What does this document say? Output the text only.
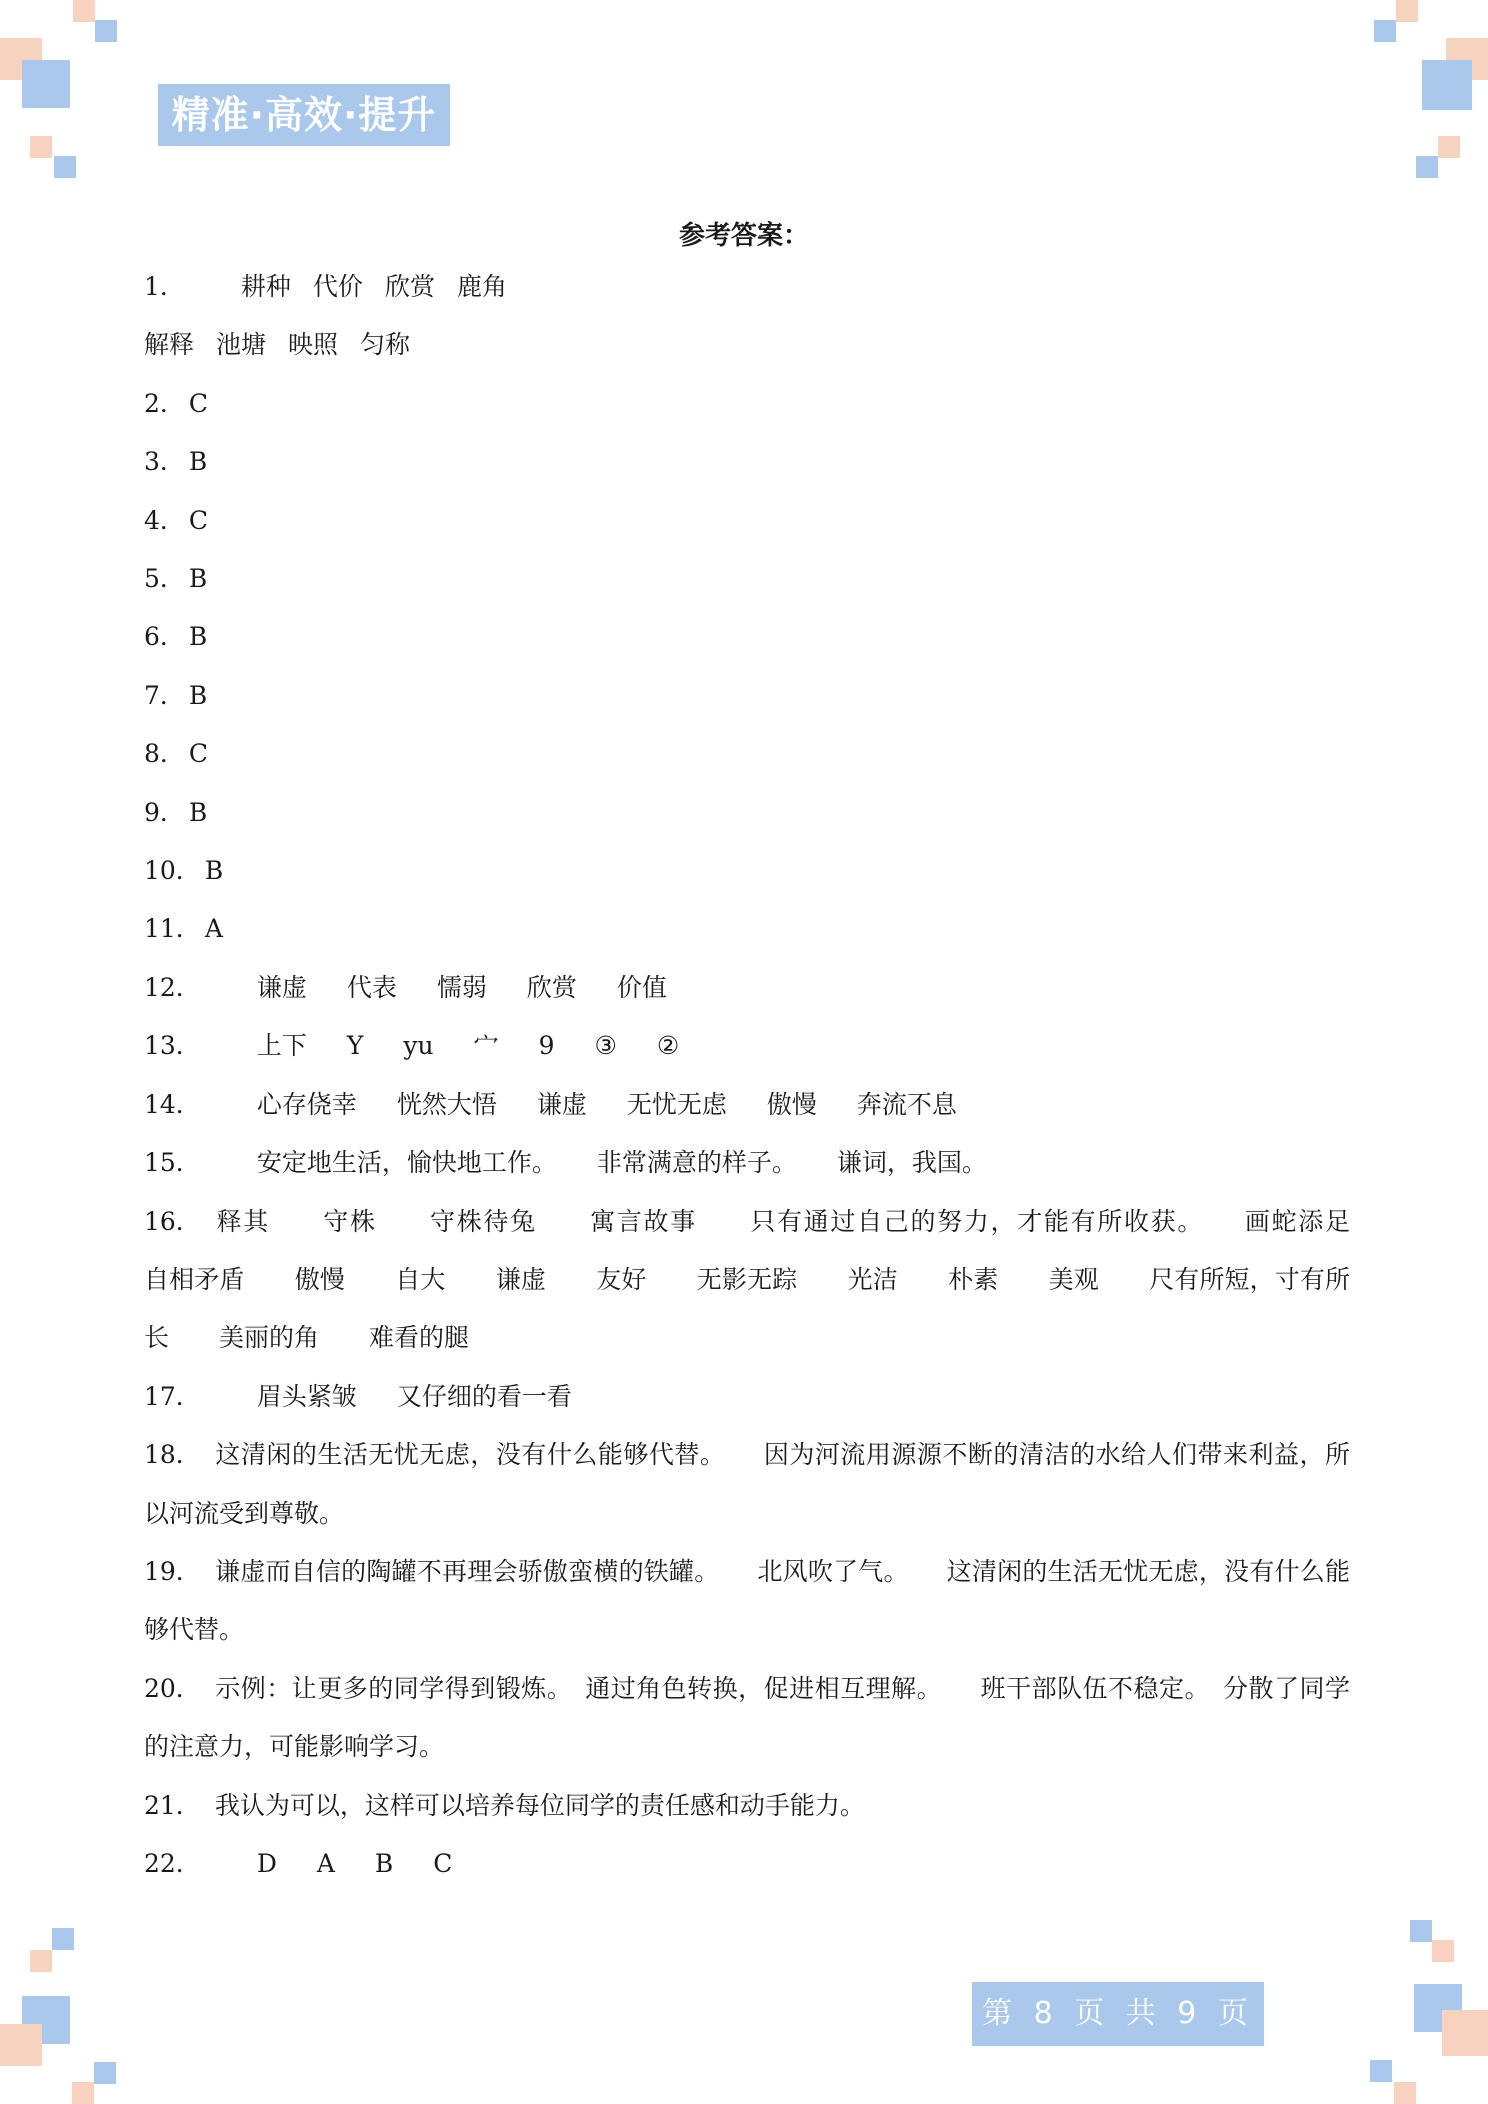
精准·高效·提升
参考答案：
1． 耕种 代价 欣赏 鹿角
解释 池塘 映照 匀称
2． C
3． B
4． C
5． B
6． B
7． B
8． C
9． B
10． B
11． A
12． 谦虚 代表 懦弱 欣赏 价值
13． 上下 Y yu 宀 9 ③ ②
14． 心存侥幸 恍然大悟 谦虚 无忧无虑 傲慢 奔流不息
15． 安定地生活，愉快地工作。 非常满意的样子。 谦词，我国。
16． 释其　　守株　　守株待兔　　寓言故事　　只有通过自己的努力，才能有所收获。　　画蛇添足　　自相矛盾　　傲慢　　自大　　谦虚　　友好　　无影无踪　　光洁　　朴素　　美观　　尺有所短，寸有所长　　美丽的角　　难看的腿
17． 眉头紧皱 又仔细的看一看
18． 这清闲的生活无忧无虑，没有什么能够代替。　　因为河流用源源不断的清洁的水给人们带来利益，所以河流受到尊敬。
19． 谦虚而自信的陶罐不再理会骄傲蛮横的铁罐。　　北风吹了气。　　这清闲的生活无忧无虑，没有什么能够代替。
20． 示例：让更多的同学得到锻炼。　通过角色转换，促进相互理解。　　班干部队伍不稳定。　分散了同学的注意力，可能影响学习。
21． 我认为可以，这样可以培养每位同学的责任感和动手能力。
22． D A B C
第 8 页 共 9 页
